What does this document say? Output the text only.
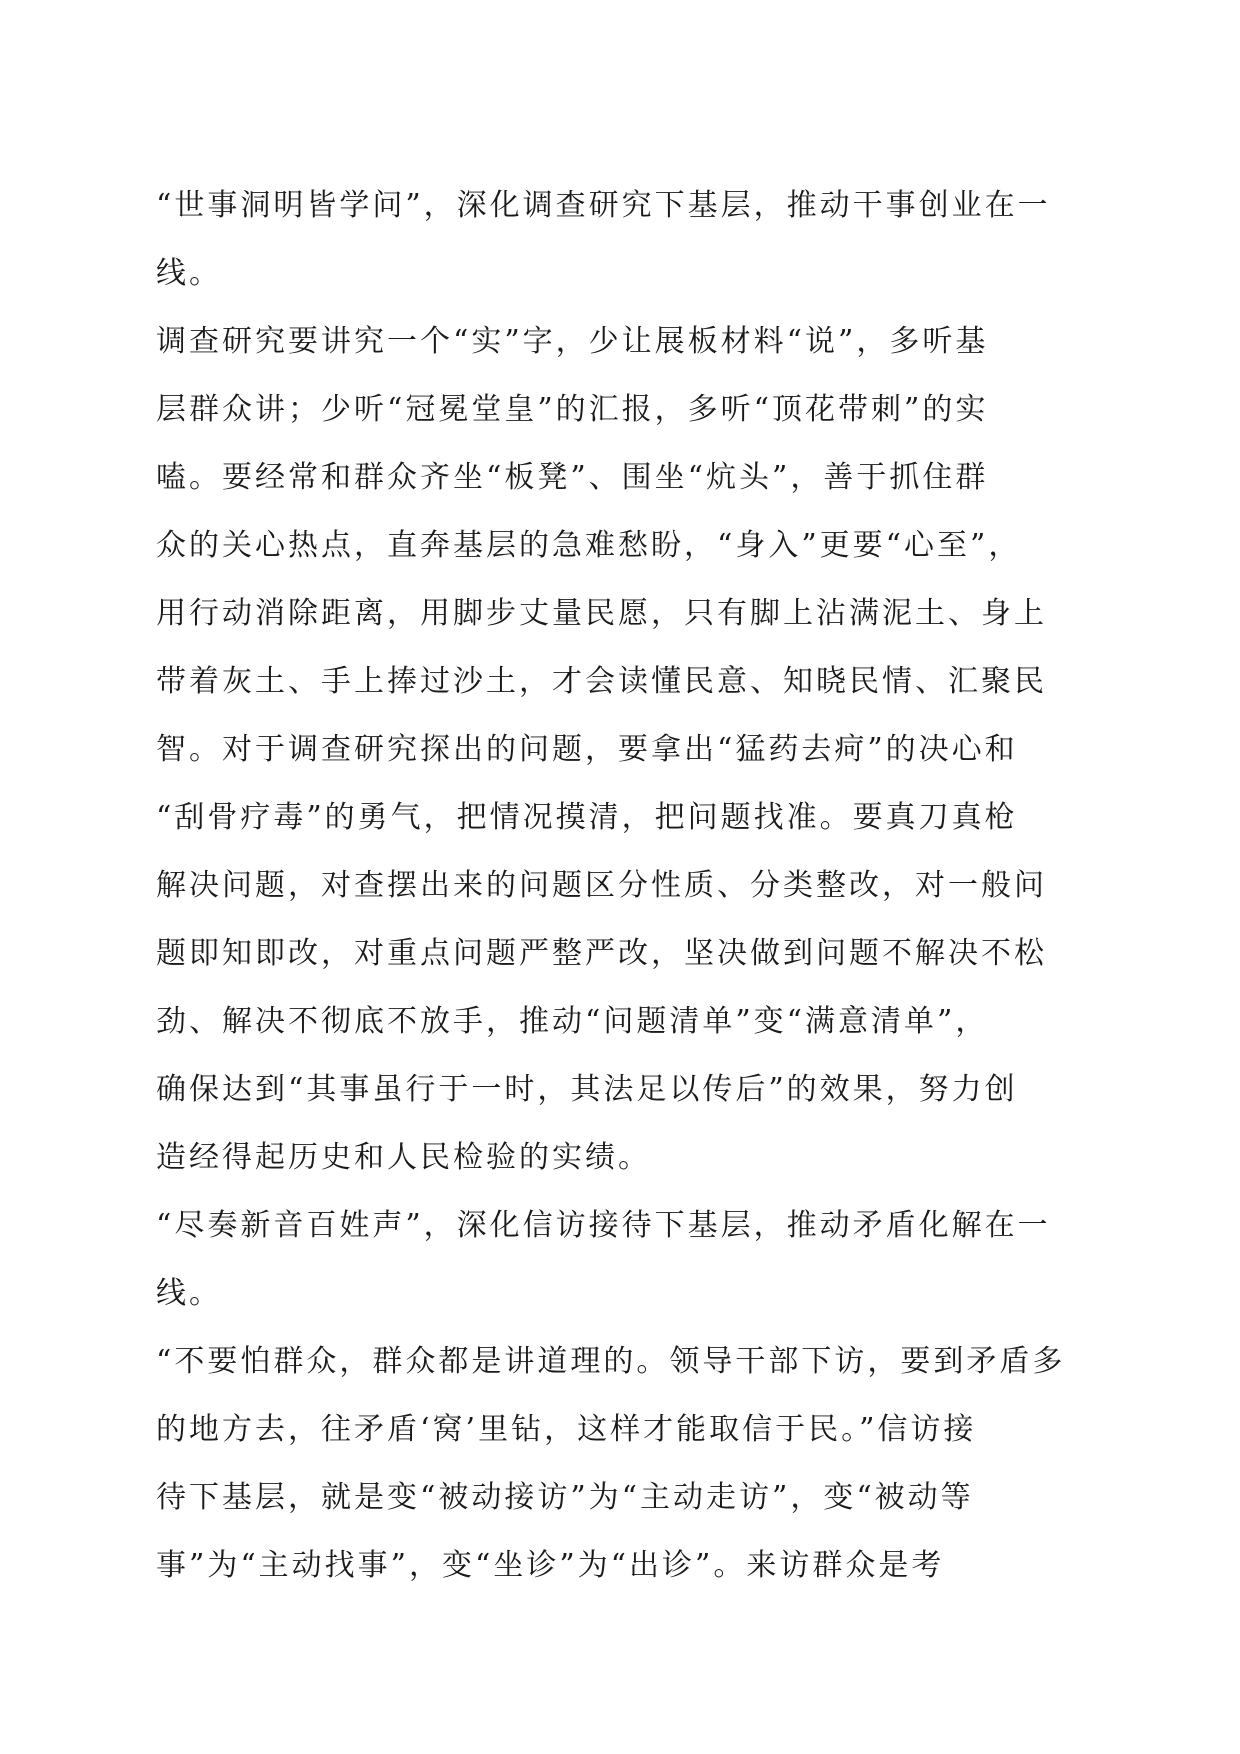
“世事洞明皆学问”，深化调查研究下基层，推动干事创业在一
线。
调查研究要讲究一个“实”字，少让展板材料“说”，多听基
层群众讲；少听“冠冕堂皇”的汇报，多听“顶花带刺”的实
嗑。要经常和群众齐坐“板凳”、围坐“炕头”，善于抓住群
众的关心热点，直奔基层的急难愁盼，“身入”更要“心至”，
用行动消除距离，用脚步丈量民愿，只有脚上沾满泥土、身上
带着灰土、手上捧过沙土，才会读懂民意、知晓民情、汇聚民
智。对于调查研究探出的问题，要拿出“猛药去疴”的决心和
“刮骨疗毒”的勇气，把情况摸清，把问题找准。要真刀真枪
解决问题，对查摆出来的问题区分性质、分类整改，对一般问
题即知即改，对重点问题严整严改，坚决做到问题不解决不松
劲、解决不彻底不放手，推动“问题清单”变“满意清单”，
确保达到“其事虽行于一时，其法足以传后”的效果，努力创
造经得起历史和人民检验的实绩。
“尽奏新音百姓声”，深化信访接待下基层，推动矛盾化解在一
线。
“不要怕群众，群众都是讲道理的。领导干部下访，要到矛盾多
的地方去，往矛盾‘窝’里钻，这样才能取信于民。”信访接
待下基层，就是变“被动接访”为“主动走访”，变“被动等
事”为“主动找事”，变“坐诊”为“出诊”。来访群众是考
